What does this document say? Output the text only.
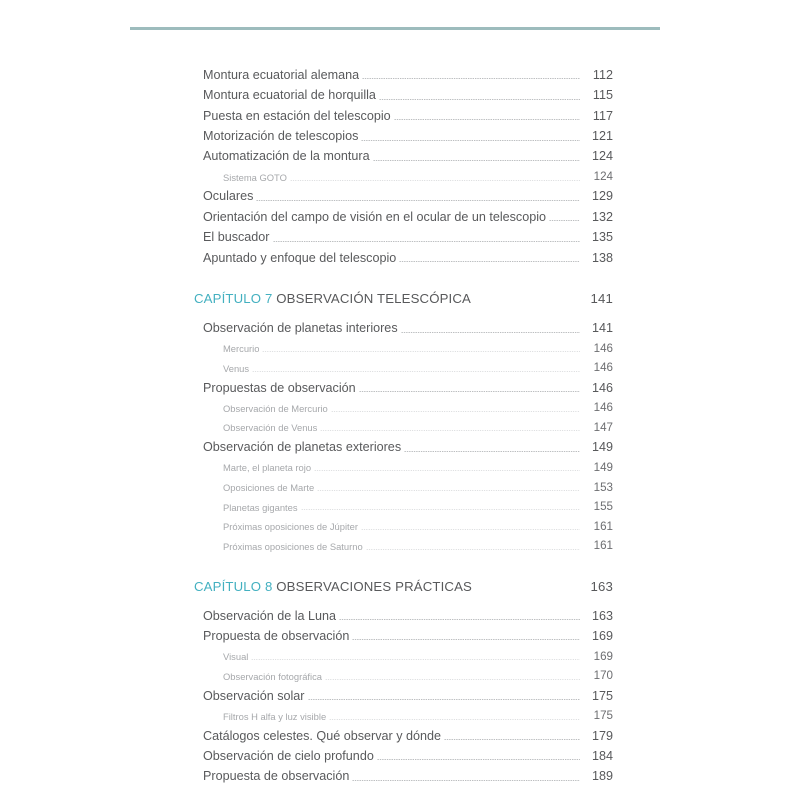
Montura ecuatorial alemana	112
Montura ecuatorial de horquilla	115
Puesta en estación del telescopio	117
Motorización de telescopios	121
Automatización de la montura	124
Sistema GOTO	124
Oculares	129
Orientación del campo de visión en el ocular de un telescopio	132
El buscador	135
Apuntado y enfoque del telescopio	138
CAPÍTULO 7 OBSERVACIÓN TELESCÓPICA	141
Observación de planetas interiores	141
Mercurio	146
Venus	146
Propuestas de observación	146
Observación de Mercurio	146
Observación de Venus	147
Observación de planetas exteriores	149
Marte, el planeta rojo	149
Oposiciones de Marte	153
Planetas gigantes	155
Próximas oposiciones de Júpiter	161
Próximas oposiciones de Saturno	161
CAPÍTULO 8 OBSERVACIONES PRÁCTICAS	163
Observación de la Luna	163
Propuesta de observación	169
Visual	169
Observación fotográfica	170
Observación solar	175
Filtros H alfa y luz visible	175
Catálogos celestes. Qué observar y dónde	179
Observación de cielo profundo	184
Propuesta de observación	189
